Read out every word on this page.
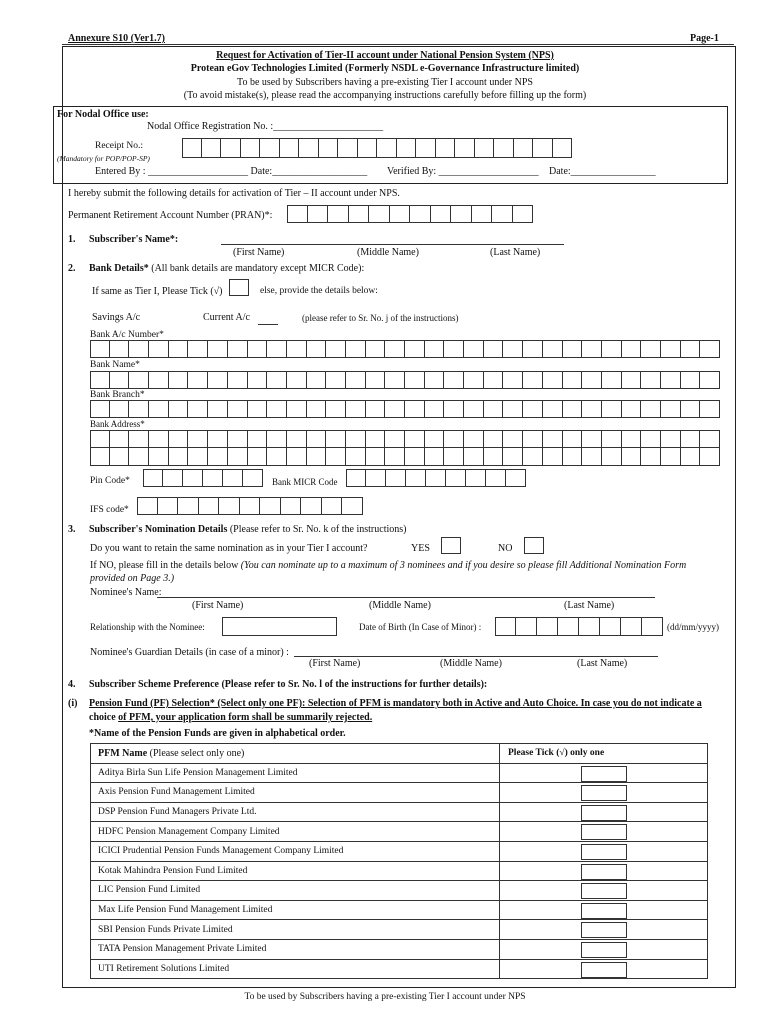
Annexure S10 (Ver1.7)	Page-1
Request for Activation of Tier-II account under National Pension System (NPS)
Protean eGov Technologies Limited (Formerly NSDL e-Governance Infrastructure limited)
To be used by Subscribers having a pre-existing Tier I account under NPS
(To avoid mistake(s), please read the accompanying instructions carefully before filling up the form)
For Nodal Office use:
Nodal Office Registration No. :______________________
Receipt No.:
(Mandatory for POP/POP-SP)
Entered By : ____________________ Date:___________________ Verified By: ____________________ Date:_________________
I hereby submit the following details for activation of Tier – II account under NPS.
Permanent Retirement Account Number (PRAN)*:
1. Subscriber's Name*:
(First Name)	(Middle Name)	(Last Name)
2. Bank Details* (All bank details are mandatory except MICR Code):
If same as Tier I, Please Tick (√)	else, provide the details below:
Savings A/c	Current A/c	(please refer to Sr. No. j of the instructions)
Bank A/c Number*
Bank Name*
Bank Branch*
Bank Address*
Pin Code*	Bank MICR Code
IFS code*
3. Subscriber's Nomination Details (Please refer to Sr. No. k of the instructions)
Do you want to retain the same nomination as in your Tier I account?	YES	NO
If NO, please fill in the details below (You can nominate up to a maximum of 3 nominees and if you desire so please fill Additional Nomination Form
provided on Page 3.)
Nominee's Name:
(First Name)	(Middle Name)	(Last Name)
Relationship with the Nominee:	Date of Birth (In Case of Minor) :	(dd/mm/yyyy)
Nominee's Guardian Details (in case of a minor) :
(First Name)	(Middle Name)	(Last Name)
4. Subscriber Scheme Preference (Please refer to Sr. No. l of the instructions for further details):
(i) Pension Fund (PF) Selection* (Select only one PF): Selection of PFM is mandatory both in Active and Auto Choice. In case you do not indicate a
choice of PFM, your application form shall be summarily rejected.
*Name of the Pension Funds are given in alphabetical order.
PFM Name (Please select only one)	Please Tick (√) only one
Aditya Birla Sun Life Pension Management Limited	

Axis Pension Fund Management Limited	

DSP Pension Fund Managers Private Ltd.	

HDFC Pension Management Company Limited	

ICICI Prudential Pension Funds Management Company Limited	

Kotak Mahindra Pension Fund Limited	

LIC Pension Fund Limited	

Max Life Pension Fund Management Limited	

SBI Pension Funds Private Limited	

TATA Pension Management Private Limited	

UTI Retirement Solutions Limited	
To be used by Subscribers having a pre-existing Tier I account under NPS
